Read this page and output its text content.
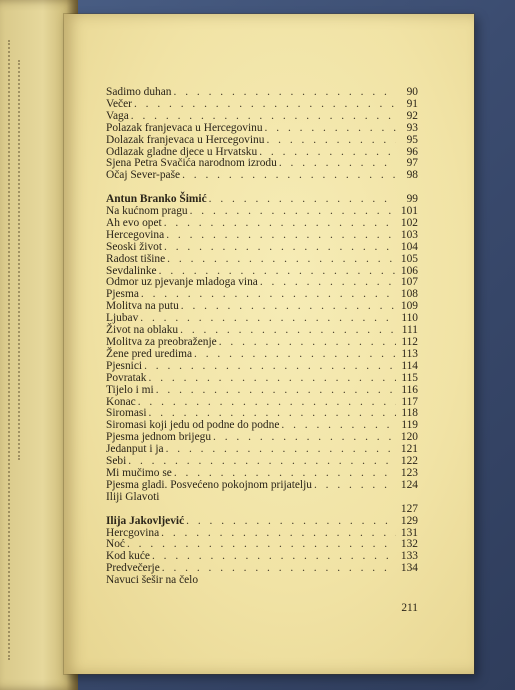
Sadimo duhan . . .	90
Večer . . .	91
Vaga . . .	92
Polazak franjevaca u Hercegovinu . . .	93
Dolazak franjevaca u Hercegovinu . . .	95
Odlazak gladne djece u Hrvatsku . . .	96
Sjena Petra Svačića narodnom izrodu . . .	97
Očaj Sever-paše . . .	98
Antun Branko Šimić . . .	99
Na kućnom pragu . . .	101
Ah evo opet . . .	102
Hercegovina . . .	103
Seoski život . . .	104
Radost tišine . . .	105
Sevdalinke . . .	106
Odmor uz pjevanje mladoga vina . . .	107
Pjesma . . .	108
Molitva na putu . . .	109
Ljubav . . .	110
Život na oblaku . . .	111
Molitva za preobraženje . . .	112
Žene pred uredima . . .	113
Pjesnici . . .	114
Povratak . . .	115
Tijelo i mi . . .	116
Konac . . .	117
Siromasi . . .	118
Siromasi koji jedu od podne do podne . . .	119
Pjesma jednom brijegu . . .	120
Jedanput i ja . . .	121
Sebi . . .	122
Mi mučimo se . . .	123
Pjesma gladi. Posvećeno pokojnom prijatelju . . .	124
Iliji Glavoti
127
Ilija Jakovljević . . .	129
Hercgovina . . .	131
Noć . . .	132
Kod kuće . . .	133
Predvečerje . . .	134
Navuci šešir na čelo
211
